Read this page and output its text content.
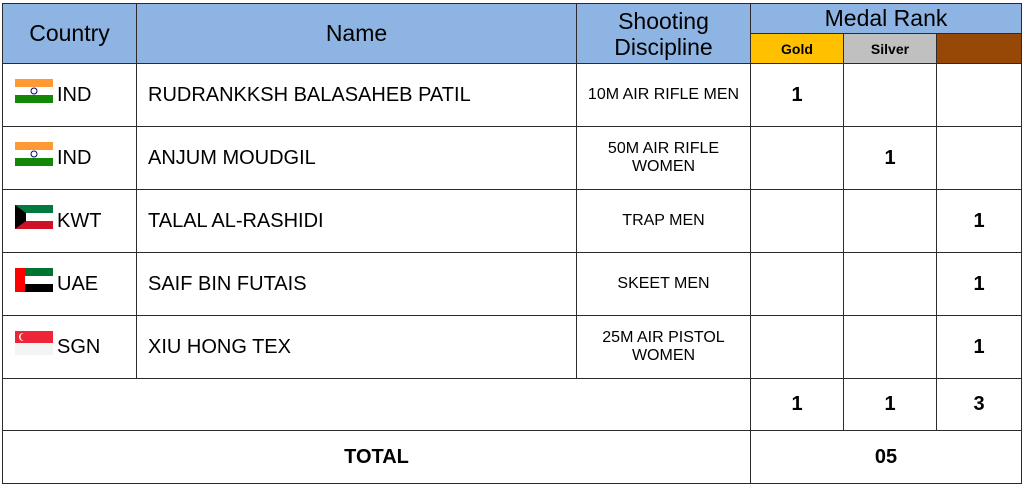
Country	Name	Shooting Discipline	Medal Rank		
			Gold	Silver	
IND	RUDRANKKSH BALASAHEB PATIL	10M AIR RIFLE MEN	1		
IND	ANJUM MOUDGIL	50M AIR RIFLE WOMEN		1	
KWT	TALAL AL-RASHIDI	TRAP MEN			1
UAE	SAIF BIN FUTAIS	SKEET MEN			1
SGN	XIU HONG TEX	25M AIR PISTOL WOMEN			1
			1	1	3
TOTAL			05		
